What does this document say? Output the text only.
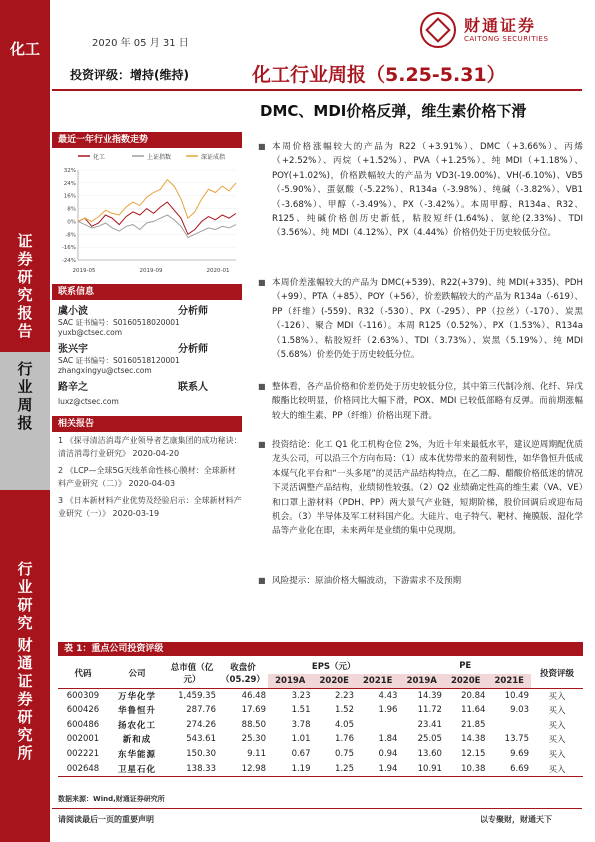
化工
证券研究报告
行业周报
行业研究
财通证券研究所
2020 年 05 月 31 日
财通证券
CAITONG SECURITIES
投资评级：增持(维持)	化工行业周报（5.25-5.31）
DMC、MDI价格反弹，维生素价格下滑
最近一年行业指数走势
化工	上证指数	深证成指
32%
24%
16%
8%
0%
-8%
-16%
-24%
2019-05	2019-09	2020-01
联系信息
虞小波
SAC 证书编号：S0160518020001
yuxb@ctsec.com
分析师
张兴宇
SAC 证书编号：S0160518120001
zhangxingyu@ctsec.com
分析师
路辛之
luxz@ctsec.com
联系人
相关报告
1 《探寻清洁消毒产业领导者艺康集团的成功秘诀：清洁消毒行业研究》 2020-04-20
2 《LCP—全球5G天线革命性核心膜材：全球新材料产业研究（二）》 2020-04-03
3 《日本新材料产业优势及经验启示：全球新材料产业研究（一）》 2020-03-19
■ 本周价格涨幅较大的产品为 R22（+3.91%）、DMC（+3.66%）、丙烯（+2.52%）、丙烷（+1.52%）、PVA（+1.25%）、纯 MDI（+1.18%）、POY(+1.02%)，价格跌幅较大的产品为 VD3(-19.00%)、VH(-6.10%)、VB5（-5.90%）、蛋氨酸（-5.22%）、R134a（-3.98%）、纯碱（-3.82%）、VB1（-3.68%）、甲醇（-3.49%）、PX（-3.42%）。本周甲醇、R134a、R32、R125、纯碱价格创历史新低，粘胶短纤(1.64%)、氨纶(2.33%)、TDI（3.56%）、纯 MDI（4.12%）、PX（4.44%）价格仍处于历史较低分位。
■ 本周价差涨幅较大的产品为 DMC(+539)、R22(+379)、纯 MDI(+335)、PDH（+99）、PTA（+85）、POY（+56），价差跌幅较大的产品为 R134a（-619）、PP（纤维）(-559)、R32（-530）、PX（-295）、PP（拉丝）（-170）、炭黑（-126）、聚合 MDI（-116）。本周 R125（0.52%）、PX（1.53%）、R134a（1.58%）、粘胶短纤（2.63%）、TDI（3.73%）、炭黑（5.19%）、纯 MDI（5.68%）价差仍处于历史较低分位。
■ 整体看，各产品价格和价差仍处于历史较低分位，其中第三代制冷剂、化纤、异戊酸酯比较明显，价格同比大幅下滑，POX、MDI 已较低部略有反弹。而前期涨幅较大的维生素、PP（纤维）价格出现下滑。
■ 投资结论：化工 Q1 化工机构仓位 2%，为近十年来最低水平，建议逆周期配优质龙头公司，可以沿三个方向布局：（1）成本优势带来的盈利韧性，如华鲁恒升低成本煤气化平台和“一头多尾”的灵活产品结构特点，在乙二醇、醋酸价格低迷的情况下灵活调整产品结构，业绩韧性较强。（2）Q2 业绩确定性高的维生素（VA、VE）和口罩上游材料（PDH、PP）两大景气产业链，短期阶梯，股价回调后或迎布局机会。（3）半导体及军工材料国产化。大硅片、电子特气、靶材、掩膜版、湿化学品等产业化在即，未来两年是业绩的集中兑现期。
■ 风险提示：原油价格大幅波动，下游需求不及预期
表 1：重点公司投资评级
代码	公司	总市值（亿元）	收盘价（05.29）	EPS（元）			PE			投资评级
				2019A	2020E	2021E	2019A	2020E	2021E	
600309	万华化学	1,459.35	46.48	3.23	2.23	4.43	14.39	20.84	10.49	买入
600426	华鲁恒升	287.76	17.69	1.51	1.52	1.96	11.72	11.64	9.03	买入
600486	扬农化工	274.26	88.50	3.78	4.05		23.41	21.85		买入
002001	新和成	543.61	25.30	1.01	1.76	1.84	25.05	14.38	13.75	买入
002221	东华能源	150.30	9.11	0.67	0.75	0.94	13.60	12.15	9.69	买入
002648	卫星石化	138.33	12.98	1.19	1.25	1.94	10.91	10.38	6.69	买入
数据来源：Wind,财通证券研究所
请阅读最后一页的重要声明	以专聚财，财通天下
